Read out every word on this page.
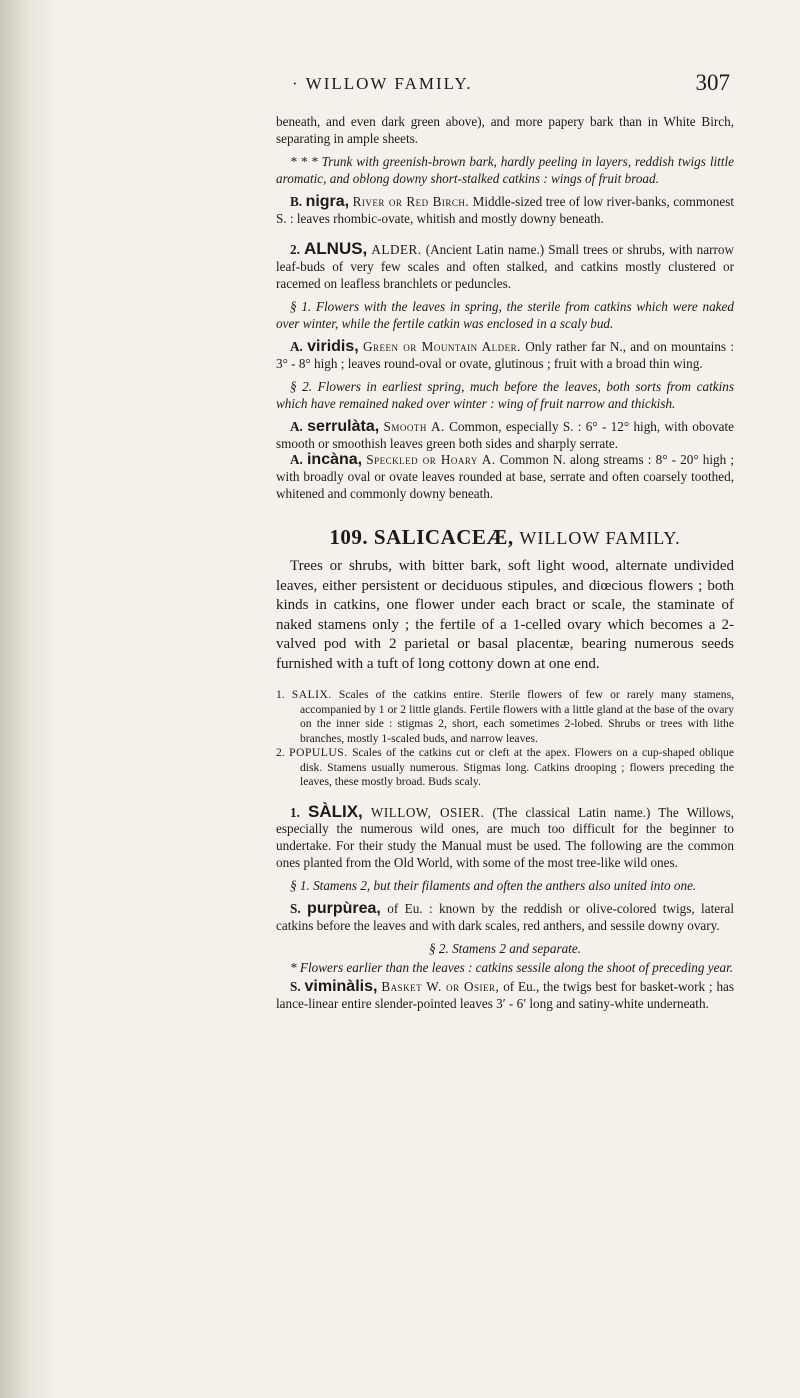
· WILLOW FAMILY.	307

beneath, and even dark green above), and more papery bark than in White Birch, separating in ample sheets.

* * * Trunk with greenish-brown bark, hardly peeling in layers, reddish twigs little aromatic, and oblong downy short-stalked catkins : wings of fruit broad.

B. nigra, River or Red Birch. Middle-sized tree of low river-banks, commonest S. : leaves rhombic-ovate, whitish and mostly downy beneath.

2. ALNUS, ALDER. (Ancient Latin name.) Small trees or shrubs, with narrow leaf-buds of very few scales and often stalked, and catkins mostly clustered or racemed on leafless branchlets or peduncles.

§ 1. Flowers with the leaves in spring, the sterile from catkins which were naked over winter, while the fertile catkin was enclosed in a scaly bud.

A. viridis, Green or Mountain Alder. Only rather far N., and on mountains : 3° - 8° high ; leaves round-oval or ovate, glutinous ; fruit with a broad thin wing.

§ 2. Flowers in earliest spring, much before the leaves, both sorts from catkins which have remained naked over winter : wing of fruit narrow and thickish.

A. serrulàta, Smooth A. Common, especially S. : 6° - 12° high, with obovate smooth or smoothish leaves green both sides and sharply serrate.

A. incàna, Speckled or Hoary A. Common N. along streams : 8° - 20° high ; with broadly oval or ovate leaves rounded at base, serrate and often coarsely toothed, whitened and commonly downy beneath.

109. SALICACEÆ, WILLOW FAMILY.

Trees or shrubs, with bitter bark, soft light wood, alternate undivided leaves, either persistent or deciduous stipules, and diœcious flowers ; both kinds in catkins, one flower under each bract or scale, the staminate of naked stamens only ; the fertile of a 1-celled ovary which becomes a 2-valved pod with 2 parietal or basal placentæ, bearing numerous seeds furnished with a tuft of long cottony down at one end.

1. SALIX. Scales of the catkins entire. Sterile flowers of few or rarely many stamens, accompanied by 1 or 2 little glands. Fertile flowers with a little gland at the base of the ovary on the inner side : stigmas 2, short, each sometimes 2-lobed. Shrubs or trees with lithe branches, mostly 1-scaled buds, and narrow leaves.

2. POPULUS. Scales of the catkins cut or cleft at the apex. Flowers on a cup-shaped oblique disk. Stamens usually numerous. Stigmas long. Catkins drooping ; flowers preceding the leaves, these mostly broad. Buds scaly.

1. SÀLIX, WILLOW, OSIER. (The classical Latin name.) The Willows, especially the numerous wild ones, are much too difficult for the beginner to undertake. For their study the Manual must be used. The following are the common ones planted from the Old World, with some of the most tree-like wild ones.

§ 1. Stamens 2, but their filaments and often the anthers also united into one.

S. purpùrea, of Eu. : known by the reddish or olive-colored twigs, lateral catkins before the leaves and with dark scales, red anthers, and sessile downy ovary.

§ 2. Stamens 2 and separate.

* Flowers earlier than the leaves : catkins sessile along the shoot of preceding year.

S. viminàlis, Basket W. or Osier, of Eu., the twigs best for basket-work ; has lance-linear entire slender-pointed leaves 3′ - 6′ long and satiny-white underneath.
